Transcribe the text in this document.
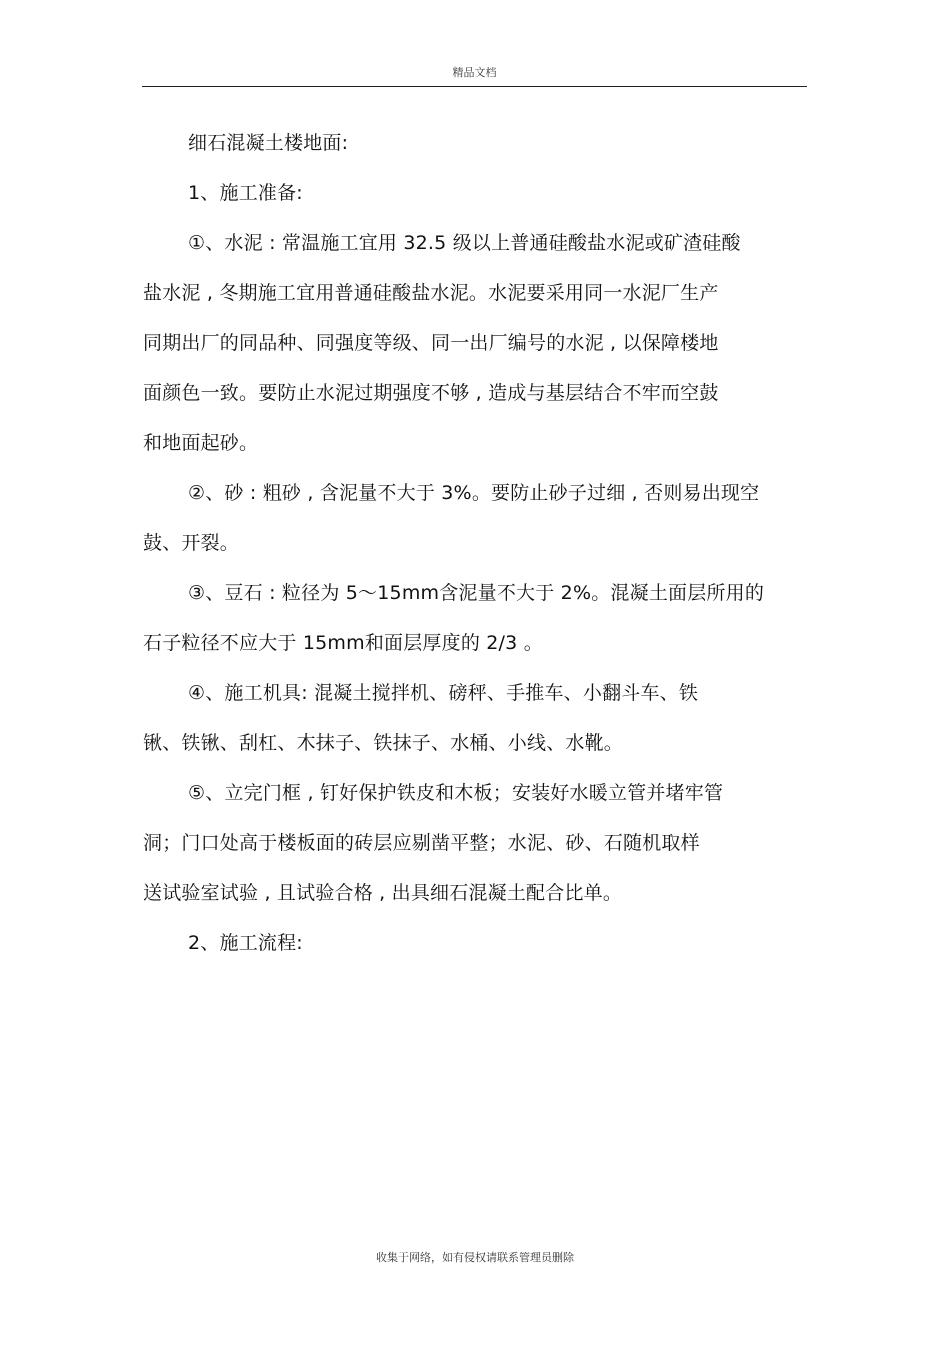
精品文档
细石混凝土楼地面:
1、施工准备:
①、水泥 : 常温施工宜用 32.5 级以上普通硅酸盐水泥或矿渣硅酸
盐水泥 , 冬期施工宜用普通硅酸盐水泥。水泥要采用同一水泥厂生产
同期出厂的同品种、同强度等级、同一出厂编号的水泥 , 以保障楼地
面颜色一致。要防止水泥过期强度不够 , 造成与基层结合不牢而空鼓
和地面起砂。
②、砂 : 粗砂 , 含泥量不大于 3%。要防止砂子过细 , 否则易出现空
鼓、开裂。
③、豆石 : 粒径为 5～15mm含泥量不大于 2%。混凝土面层所用的
石子粒径不应大于 15mm和面层厚度的 2/3 。
④、施工机具: 混凝土搅拌机、磅秤、手推车、小翻斗车、铁
锹、铁锹、刮杠、木抹子、铁抹子、水桶、小线、水靴。
⑤、立完门框 , 钉好保护铁皮和木板；安装好水暖立管并堵牢管
洞；门口处高于楼板面的砖层应剔凿平整；水泥、砂、石随机取样
送试验室试验 , 且试验合格 , 出具细石混凝土配合比单。
2、施工流程:
收集于网络，如有侵权请联系管理员删除
